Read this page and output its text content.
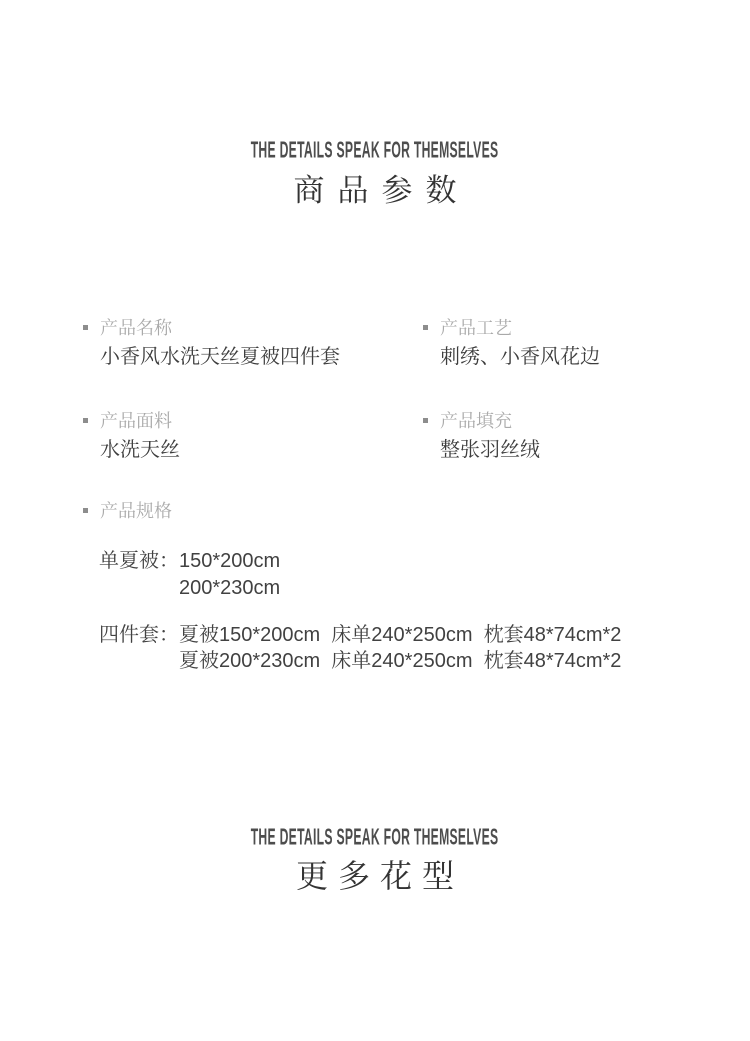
THE DETAILS SPEAK FOR THEMSELVES
商品参数
产品名称
小香风水洗天丝夏被四件套
产品工艺
刺绣、小香风花边
产品面料
水洗天丝
产品填充
整张羽丝绒
产品规格
单夏被： 150*200cm
200*230cm
四件套： 夏被150*200cm  床单240*250cm  枕套48*74cm*2
夏被200*230cm  床单240*250cm  枕套48*74cm*2
THE DETAILS SPEAK FOR THEMSELVES
更多花型
